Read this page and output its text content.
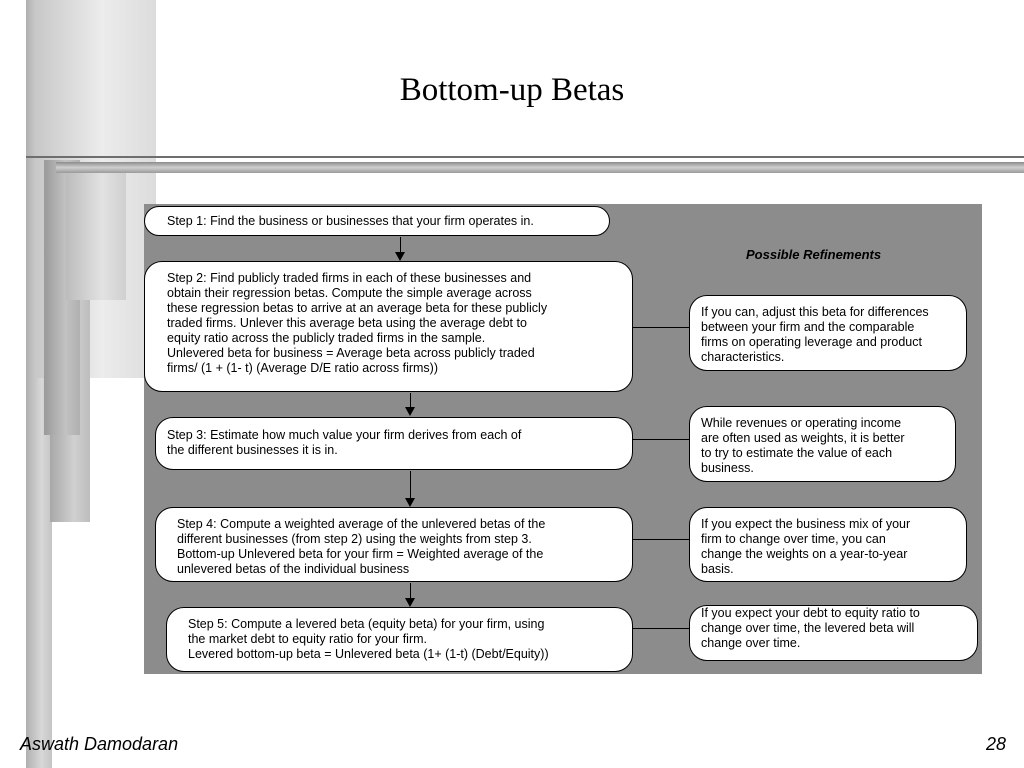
Bottom-up Betas
Possible Refinements
Step 1: Find the business or businesses that your firm operates in.
Step 2: Find publicly traded firms in each of these businesses and
obtain their regression betas. Compute the simple average across
these regression betas to arrive at an average beta for these publicly
traded firms. Unlever this average beta using the average debt to
equity ratio across the publicly traded firms in the sample.
Unlevered beta for business = Average beta across publicly traded
firms/ (1 + (1- t) (Average D/E ratio across firms))
Step 3: Estimate how much value your firm derives from each of
the different businesses it is in.
Step 4: Compute a weighted average of the unlevered betas of the
different businesses (from step 2) using the weights from step 3.
Bottom-up Unlevered beta for your firm = Weighted average of the
unlevered betas of the individual business
Step 5: Compute a levered beta (equity beta) for your firm, using
the market debt to equity ratio for your firm.
Levered bottom-up beta = Unlevered beta (1+ (1-t) (Debt/Equity))
If you can, adjust this beta for differences
between your firm and the comparable
firms on operating leverage and product
characteristics.
While revenues or operating income
are often used as weights, it is better
to try to estimate the value of each
business.
If you expect the business mix of your
firm to change over time, you can
change the weights on a year-to-year
basis.
If you expect your debt to equity ratio to
change over time, the levered beta will
change over time.
Aswath Damodaran	28
